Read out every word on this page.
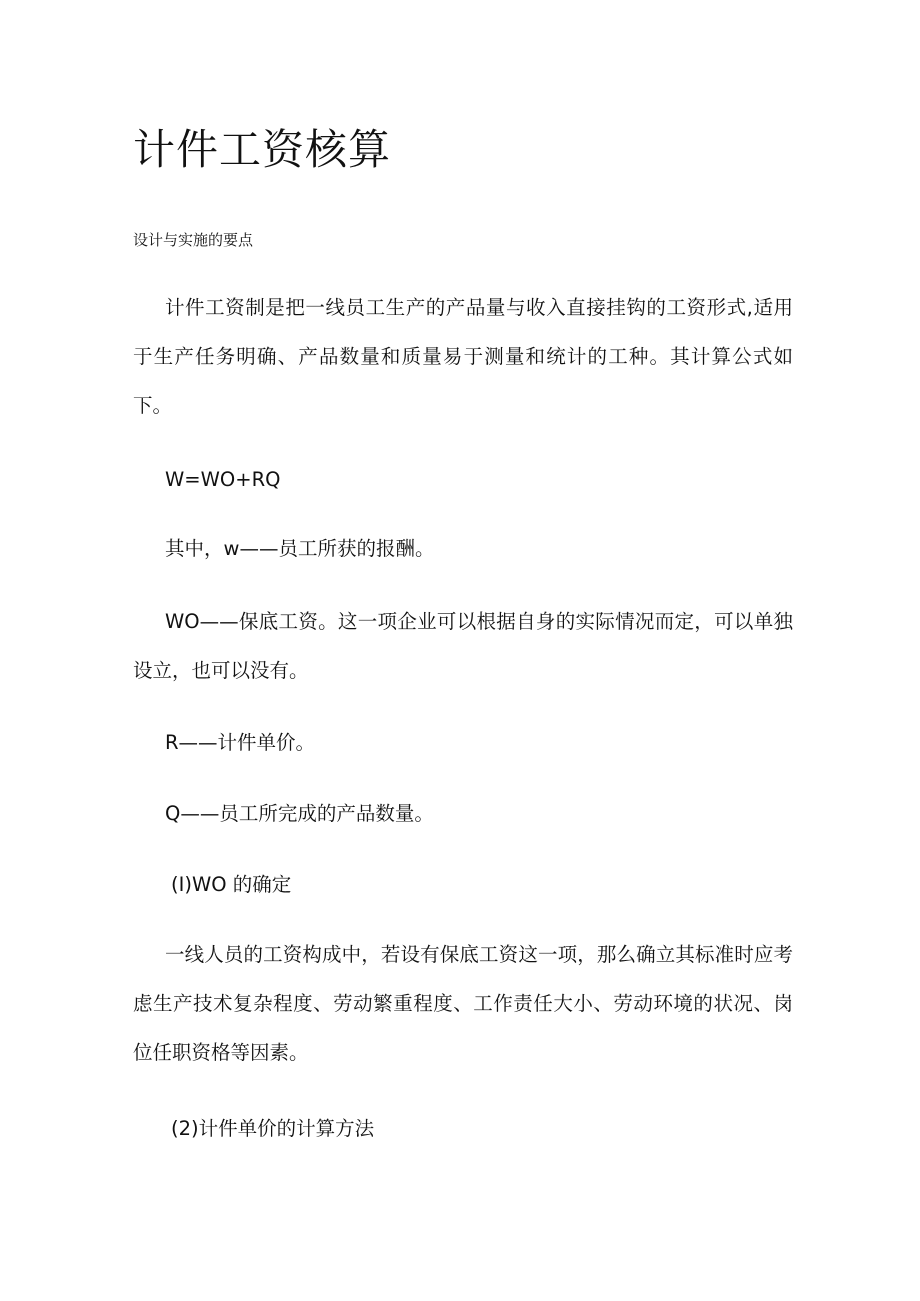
计件工资核算

设计与实施的要点

计件工资制是把一线员工生产的产品量与收入直接挂钩的工资形式,适用于生产任务明确、产品数量和质量易于测量和统计的工种。其计算公式如下。

W=WO+RQ

其中，w——员工所获的报酬。

WO——保底工资。这一项企业可以根据自身的实际情况而定，可以单独设立，也可以没有。

R——计件单价。

Q——员工所完成的产品数量。

(I)WO 的确定

一线人员的工资构成中，若设有保底工资这一项，那么确立其标准时应考虑生产技术复杂程度、劳动繁重程度、工作责任大小、劳动环境的状况、岗位任职资格等因素。

(2)计件单价的计算方法
